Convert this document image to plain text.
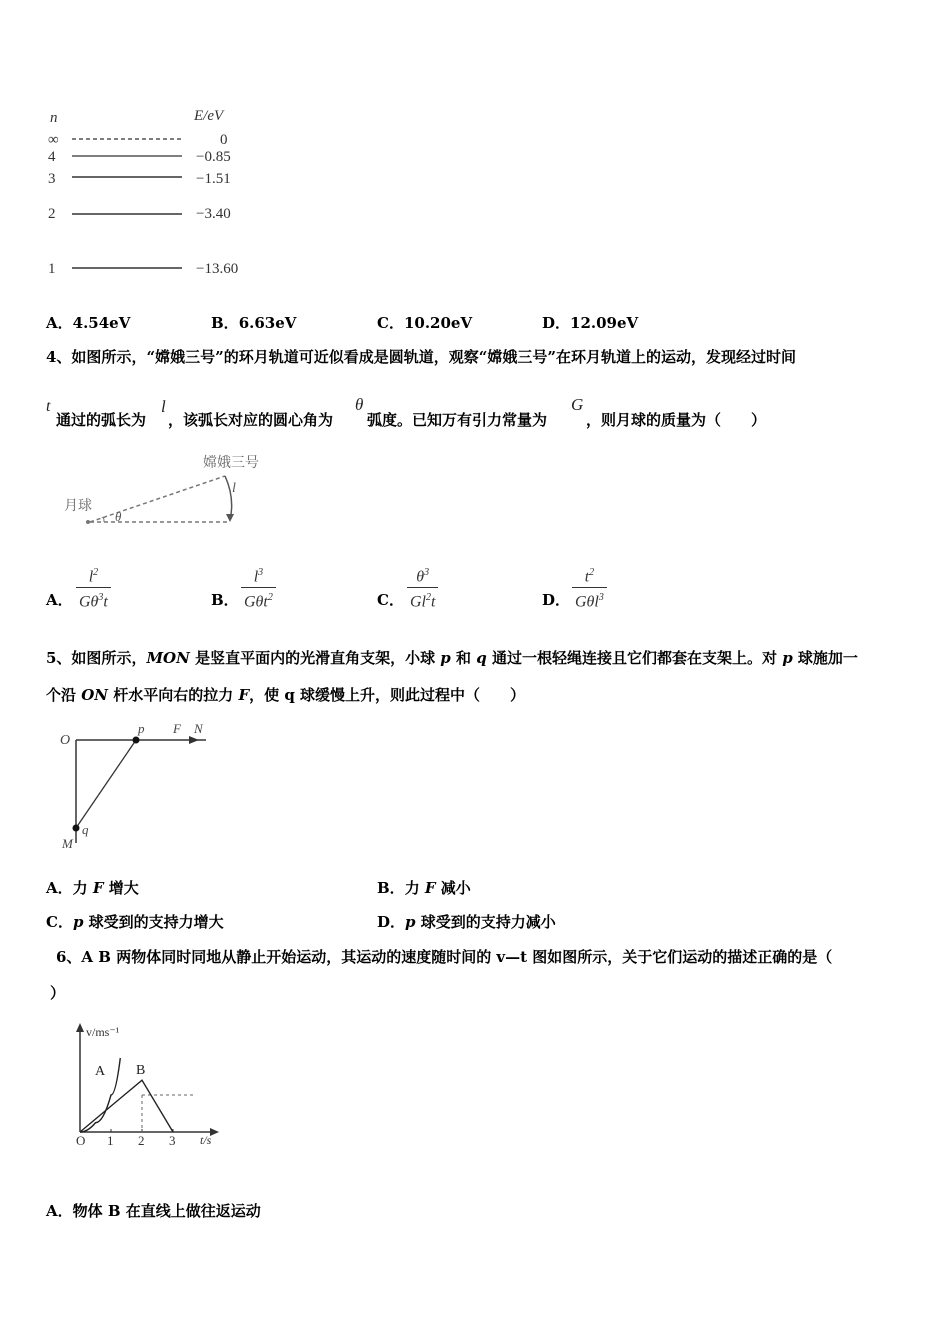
n	E/eV
∞	0
4	−0.85
3	−1.51
2	−3.40
1	−13.60
A．4.54eV	B．6.63eV	C．10.20eV	D．12.09eV
4、如图所示，“嫦娥三号”的环月轨道可近似看成是圆轨道，观察“嫦娥三号”在环月轨道上的运动，发现经过时间
t
通过的弧长为
l
，该弧长对应的圆心角为
θ
弧度。已知万有引力常量为
G
，则月球的质量为（　　）
嫦娥三号
月球
l
θ
A． $\frac{l^2}{G\theta^3t}$	B．
$l^3$
Gθt$^2$	C． $\frac{\theta^3}{Gl^2t}$	D．
$t^2$
Gθl$^3$
5、如图所示，MON 是竖直平面内的光滑直角支架，小球 p 和 q 通过一根轻绳连接且它们都套在支架上。对 p 球施加一
个沿 ON 杆水平向右的拉力 F，使 q 球缓慢上升，则此过程中（　　）
O
p F N
q
M
A．力 F 增大	B．力 F 减小
C．p 球受到的支持力增大	D．p 球受到的支持力减小
6、A B 两物体同时同地从静止开始运动，其运动的速度随时间的 v—t 图如图所示，关于它们运动的描述正确的是（
）
v/ms⁻¹
t/s
O 1 2 3
A B
A．物体 B 在直线上做往返运动
